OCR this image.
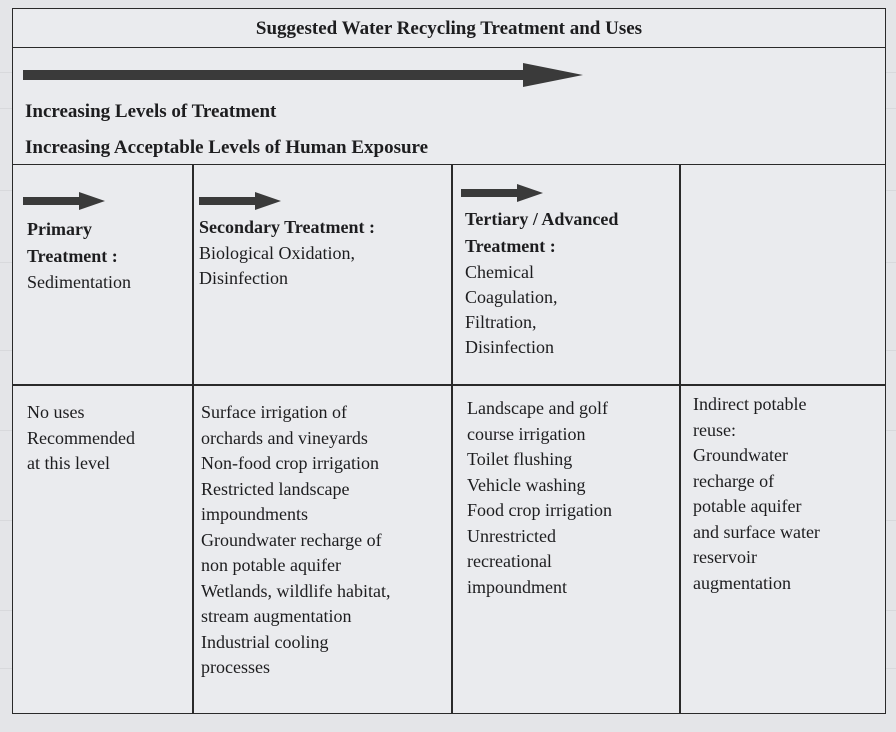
Suggested Water Recycling Treatment and Uses
Increasing Levels of Treatment
Increasing Acceptable Levels of Human Exposure
Primary
Treatment :
Sedimentation
Secondary Treatment :
Biological Oxidation,
Disinfection
Tertiary / Advanced
Treatment :
Chemical
Coagulation,
Filtration,
Disinfection
No uses
Recommended
at this level
Surface irrigation of
orchards and vineyards
Non-food crop irrigation
Restricted landscape
impoundments
Groundwater recharge of
non potable aquifer
Wetlands, wildlife habitat,
stream augmentation
Industrial cooling
processes
Landscape and golf
course irrigation
Toilet flushing
Vehicle washing
Food crop irrigation
Unrestricted
recreational
impoundment
Indirect potable
reuse:
Groundwater
recharge of
potable aquifer
and surface water
reservoir
augmentation
